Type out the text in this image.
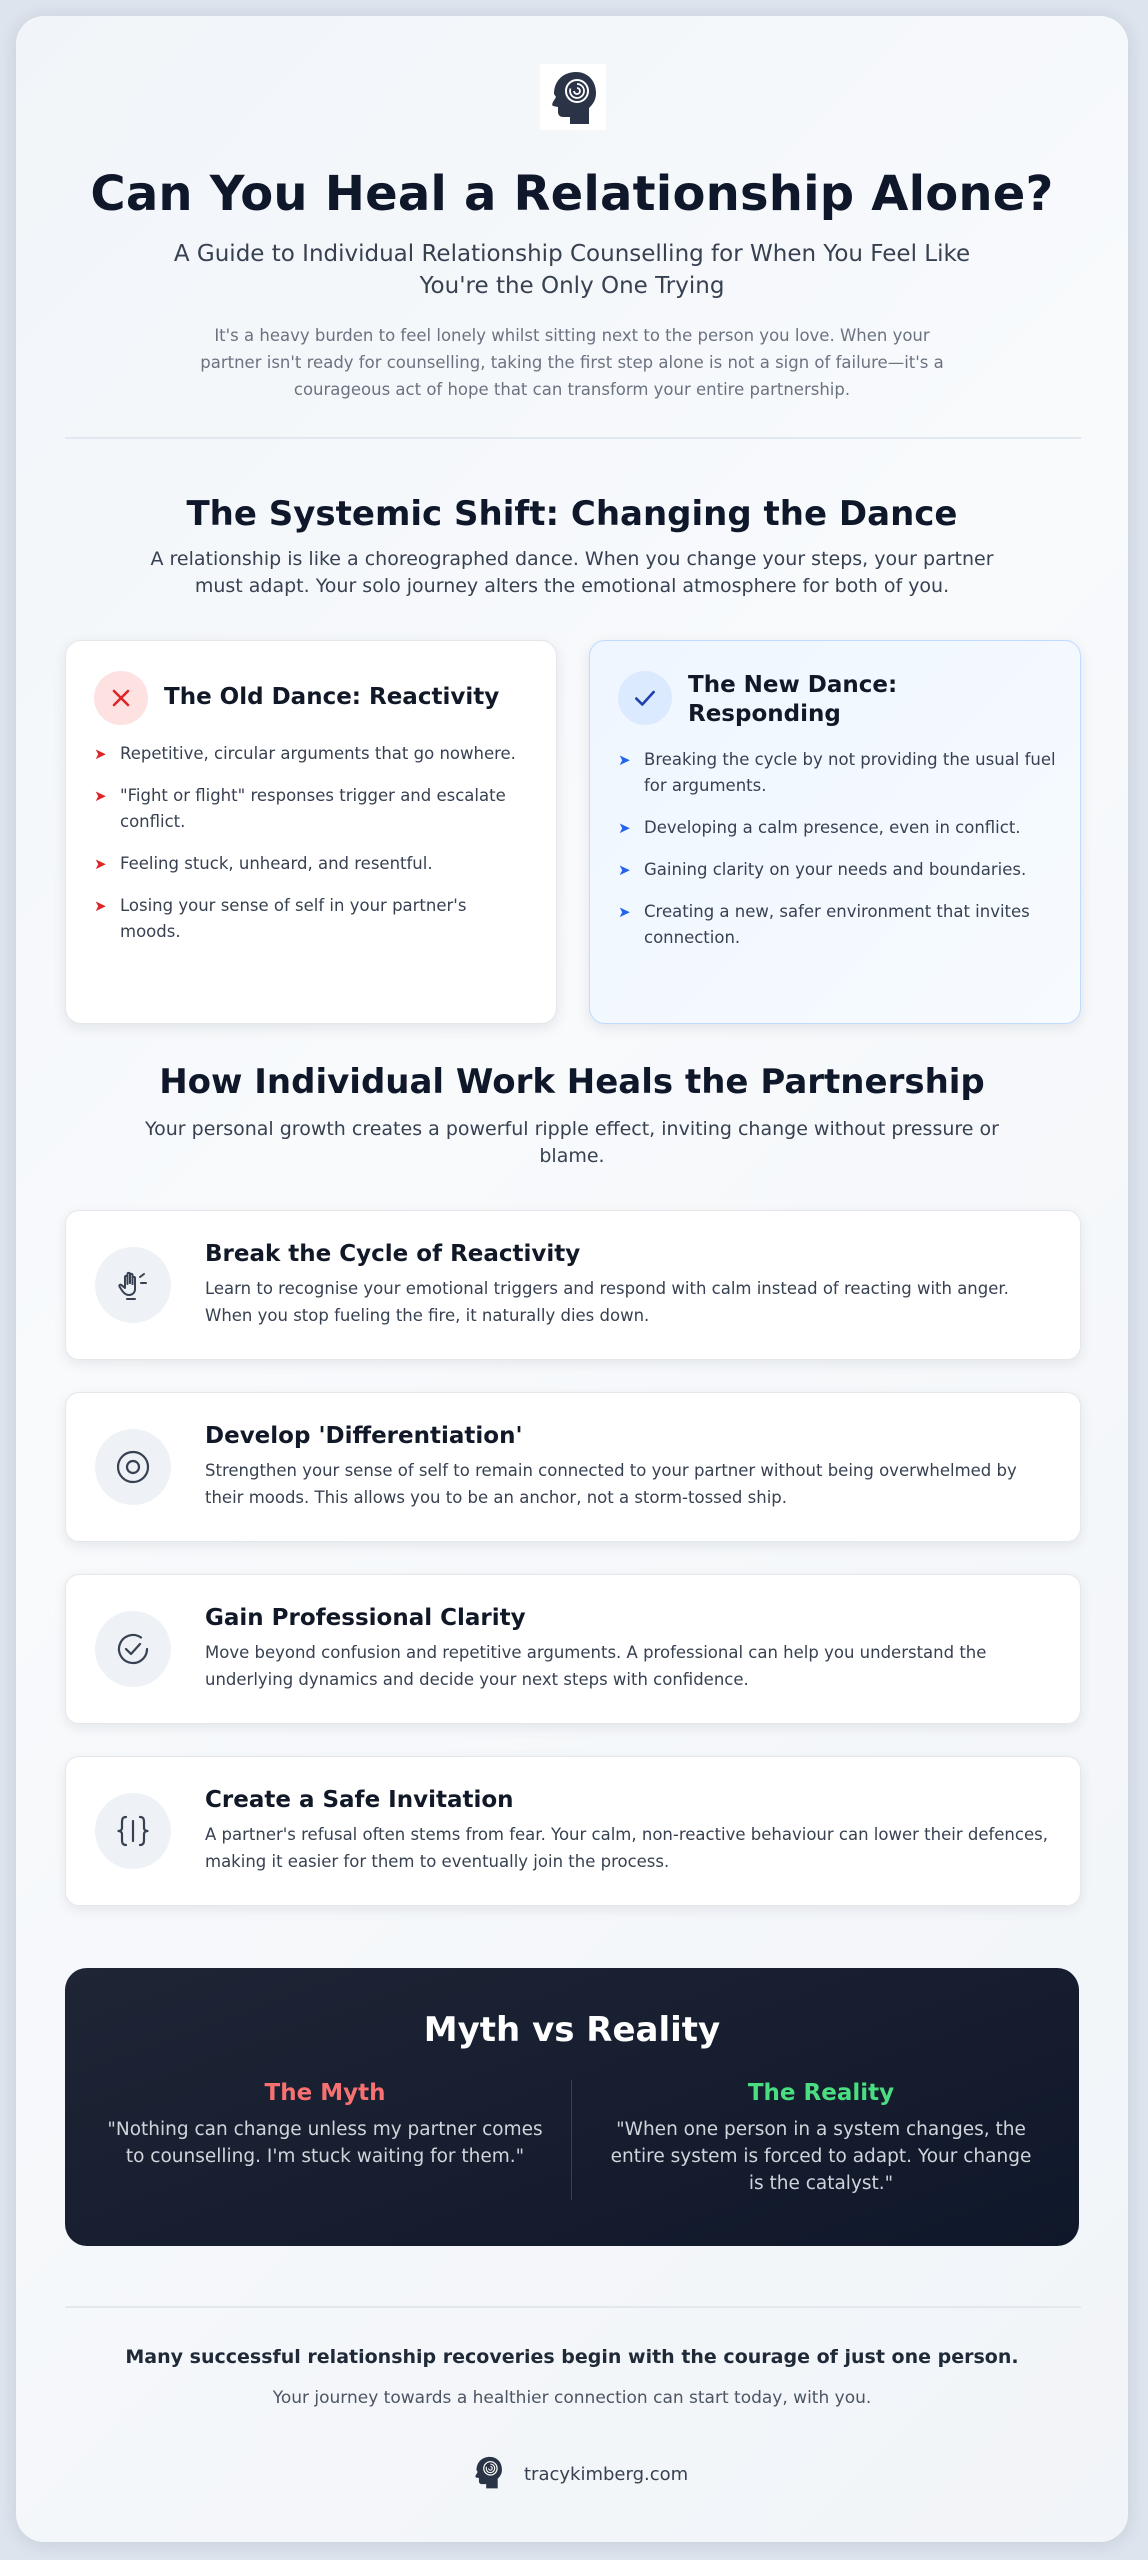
Can You Heal a Relationship Alone?

A Guide to Individual Relationship Counselling for When You Feel Like You're the Only One Trying

It's a heavy burden to feel lonely whilst sitting next to the person you love. When your partner isn't ready for counselling, taking the first step alone is not a sign of failure—it's a courageous act of hope that can transform your entire partnership.

The Systemic Shift: Changing the Dance

A relationship is like a choreographed dance. When you change your steps, your partner must adapt. Your solo journey alters the emotional atmosphere for both of you.

The Old Dance: Reactivity
➤ Repetitive, circular arguments that go nowhere.
➤ "Fight or flight" responses trigger and escalate conflict.
➤ Feeling stuck, unheard, and resentful.
➤ Losing your sense of self in your partner's moods.
The New Dance: Responding
➤ Breaking the cycle by not providing the usual fuel for arguments.
➤ Developing a calm presence, even in conflict.
➤ Gaining clarity on your needs and boundaries.
➤ Creating a new, safer environment that invites connection.
How Individual Work Heals the Partnership

Your personal growth creates a powerful ripple effect, inviting change without pressure or blame.

Break the Cycle of Reactivity
Learn to recognise your emotional triggers and respond with calm instead of reacting with anger. When you stop fueling the fire, it naturally dies down.
Develop 'Differentiation'
Strengthen your sense of self to remain connected to your partner without being overwhelmed by their moods. This allows you to be an anchor, not a storm-tossed ship.
Gain Professional Clarity
Move beyond confusion and repetitive arguments. A professional can help you understand the underlying dynamics and decide your next steps with confidence.
Create a Safe Invitation
A partner's refusal often stems from fear. Your calm, non-reactive behaviour can lower their defences, making it easier for them to eventually join the process.
Myth vs Reality
The Myth
"Nothing can change unless my partner comes to counselling. I'm stuck waiting for them."
The Reality
"When one person in a system changes, the entire system is forced to adapt. Your change is the catalyst."
Many successful relationship recoveries begin with the courage of just one person.
Your journey towards a healthier connection can start today, with you.
tracykimberg.com
